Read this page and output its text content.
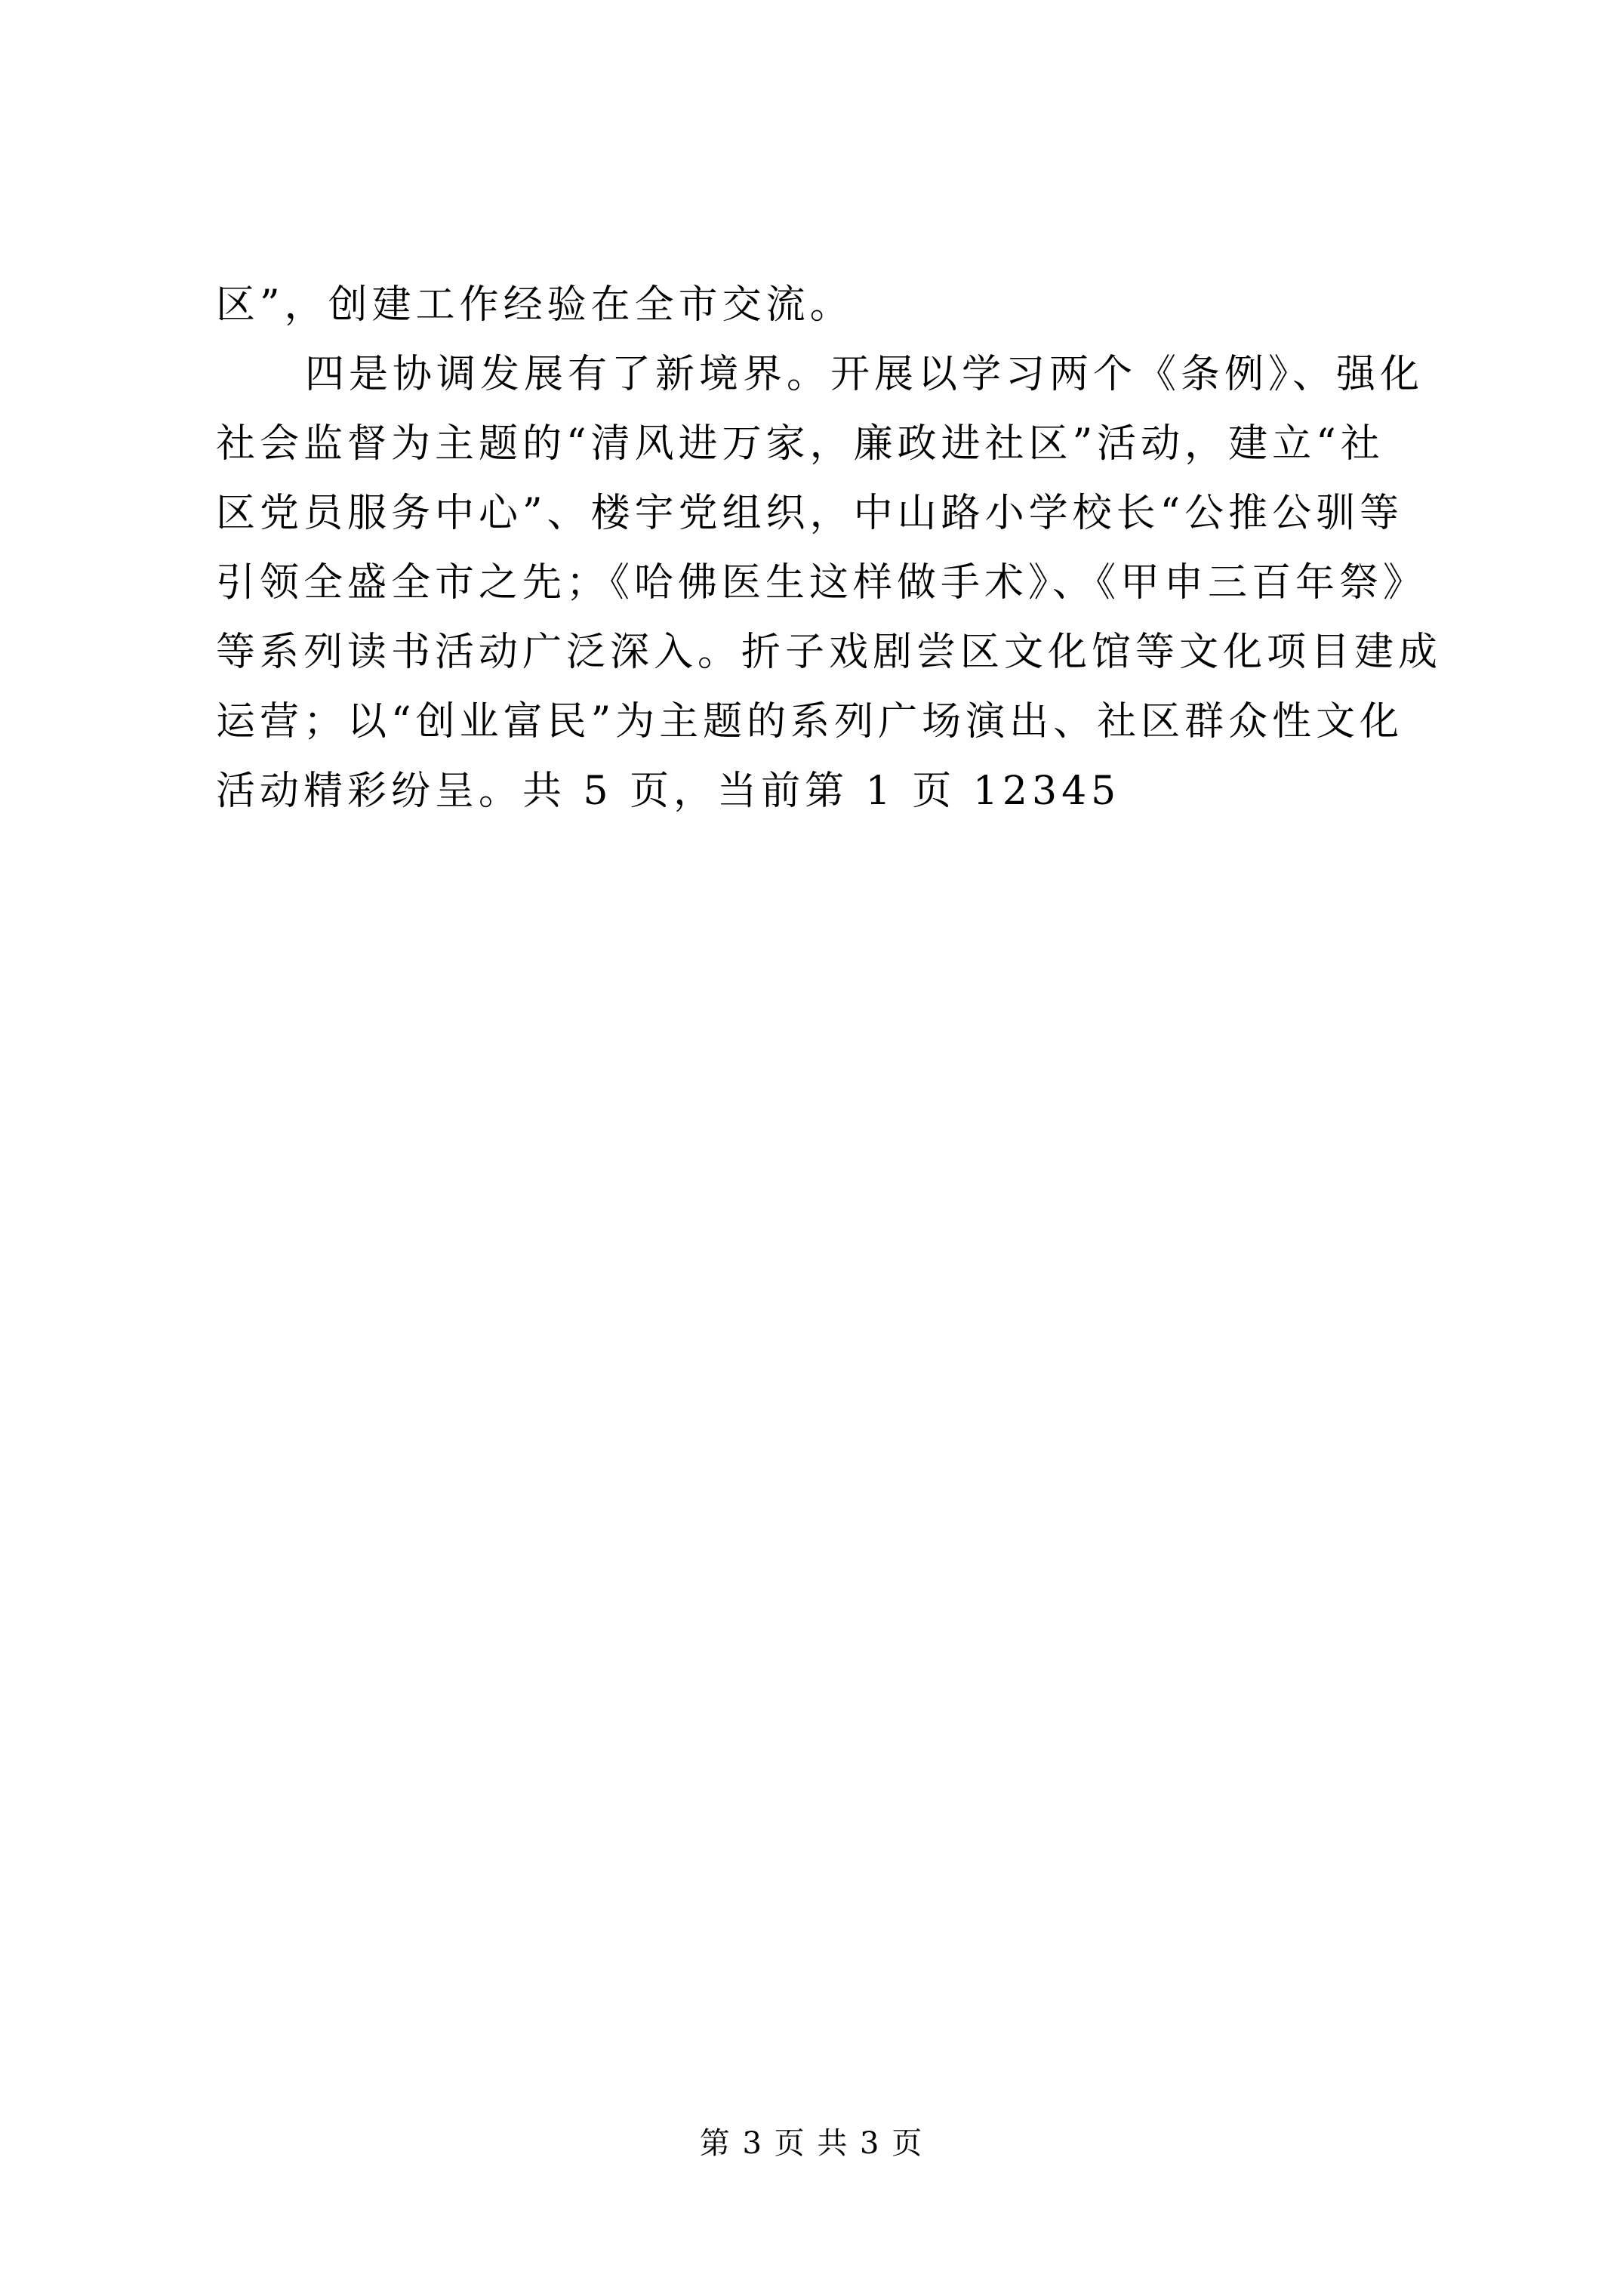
区”，创建工作经验在全市交流。
四是协调发展有了新境界。开展以学习两个《条例》、强化
社会监督为主题的“清风进万家，廉政进社区”活动，建立“社
区党员服务中心”、楼宇党组织，中山路小学校长“公推公驯等
引领全盛全市之先；《哈佛医生这样做手术》、《甲申三百年祭》
等系列读书活动广泛深入。折子戏剧尝区文化馆等文化项目建成
运营；以“创业富民”为主题的系列广场演出、社区群众性文化
活动精彩纷呈。共 5 页，当前第 1 页 12345
第 3 页 共 3 页
